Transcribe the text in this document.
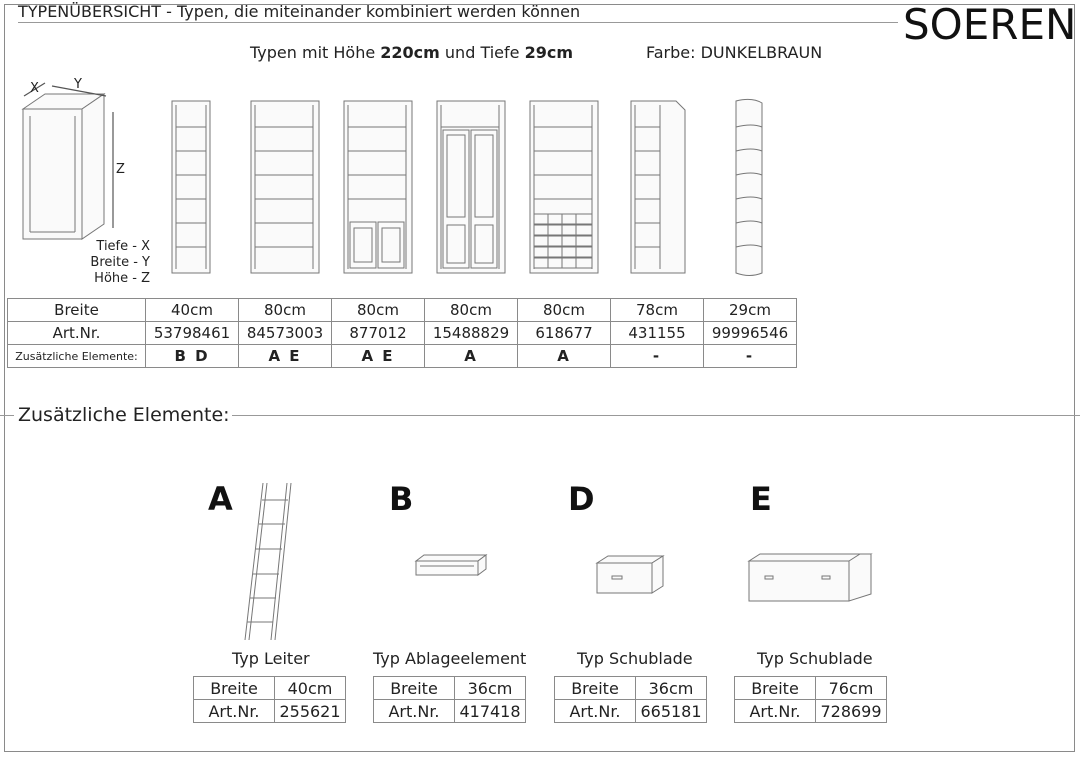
TYPENÜBERSICHT - Typen, die miteinander kombiniert werden können	SOEREN
Typen mit Höhe 220cm und Tiefe 29cm	Farbe: DUNKELBRAUN
X	Y
Z
Tiefe - X
Breite - Y
Höhe - Z
Breite	40cm	80cm	80cm	80cm	80cm	78cm	29cm
Art.Nr.	53798461	84573003	877012	15488829	618677	431155	99996546
Zusätzliche Elemente:	B D	A E	A E	A	A	-	-
Zusätzliche Elemente:
A	B	D	E
Typ Leiter	Typ Ablageelement	Typ Schublade	Typ Schublade
Breite	40cm
Art.Nr.	255621
Breite	36cm
Art.Nr.	417418
Breite	36cm
Art.Nr.	665181
Breite	76cm
Art.Nr.	728699
